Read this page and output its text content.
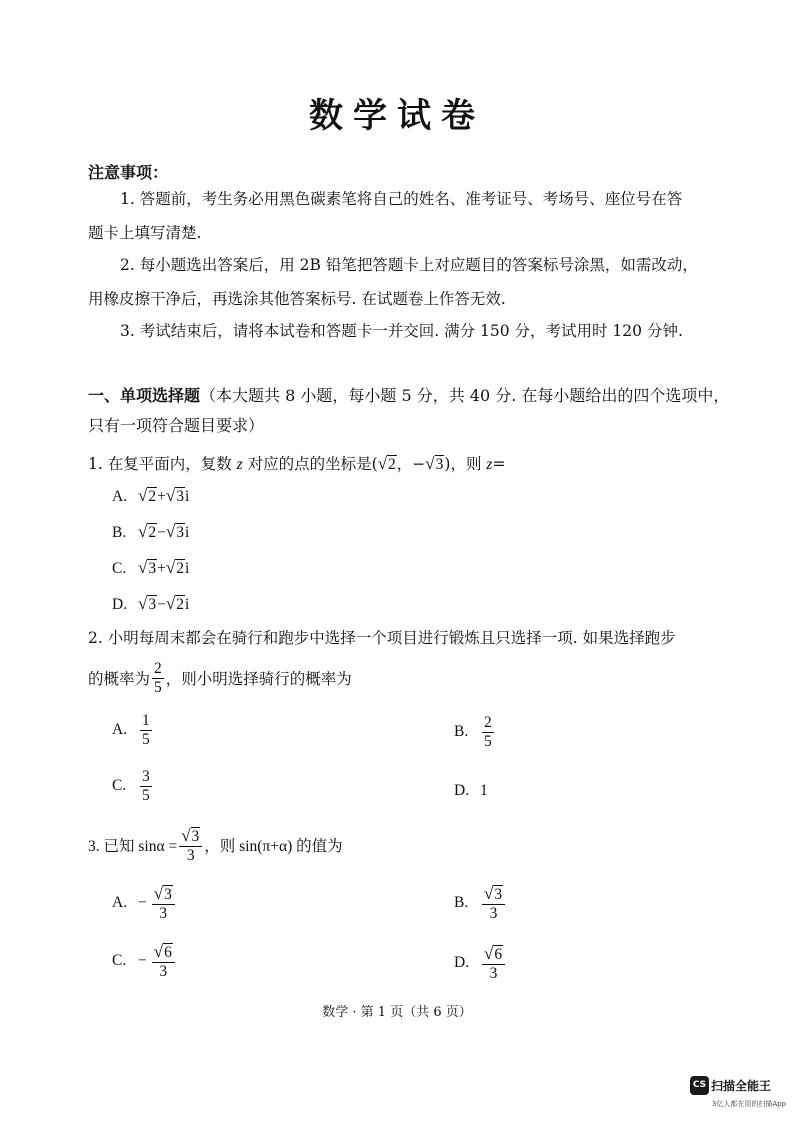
数学试卷
注意事项：
1. 答题前，考生务必用黑色碳素笔将自己的姓名、准考证号、考场号、座位号在答
题卡上填写清楚.
2. 每小题选出答案后，用 2B 铅笔把答题卡上对应题目的答案标号涂黑，如需改动，
用橡皮擦干净后，再选涂其他答案标号. 在试题卷上作答无效.
3. 考试结束后，请将本试卷和答题卡一并交回. 满分 150 分，考试用时 120 分钟.
一、单项选择题（本大题共 8 小题，每小题 5 分，共 40 分. 在每小题给出的四个选项中，
只有一项符合题目要求）
1. 在复平面内，复数 z 对应的点的坐标是(√2，−√3)，则 z=
A. √2+√3i
B. √2−√3i
C. √3+√2i
D. √3−√2i
2. 小明每周末都会在骑行和跑步中选择一个项目进行锻炼且只选择一项. 如果选择跑步
的概率为 $\frac{2}{5}$ ，则小明选择骑行的概率为
A. $\frac{1}{5}$	B. $\frac{2}{5}$
C. $\frac{3}{5}$	D. 1
3. 已知 $\sin\alpha = \frac{√3}{3}$ ，则 sin(π+α) 的值为
A. − $\frac{√3}{3}$	B. $\frac{√3}{3}$
C. − $\frac{√6}{3}$	D. $\frac{√6}{3}$
数学 · 第 1 页（共 6 页）
CS 扫描全能王
3亿人都在用的扫描App
